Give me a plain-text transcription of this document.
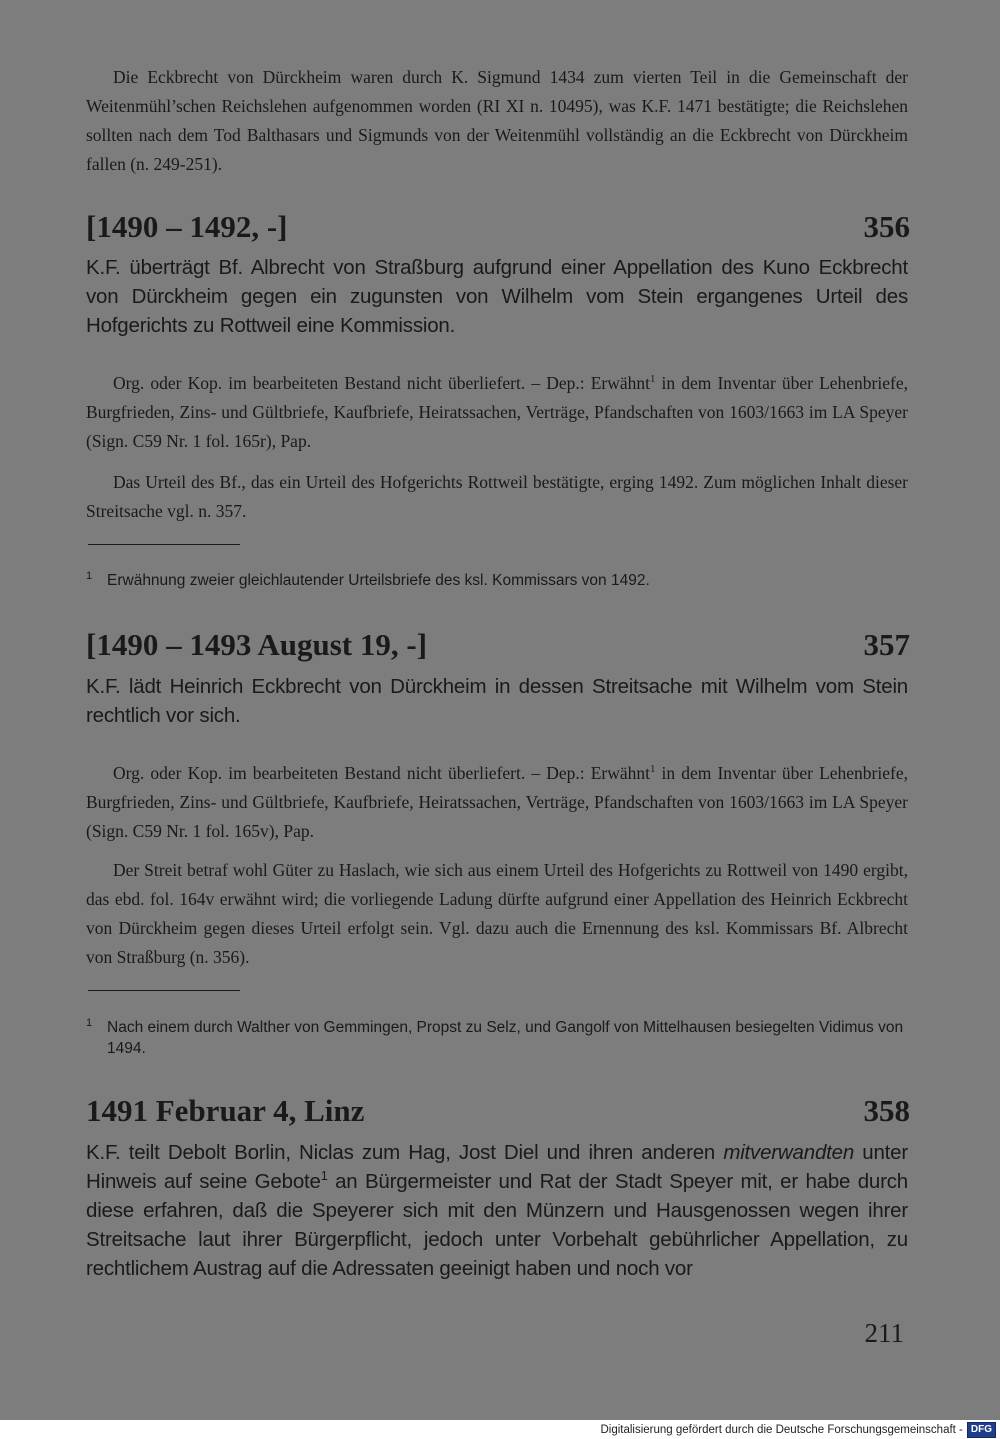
Die Eckbrecht von Dürckheim waren durch K. Sigmund 1434 zum vierten Teil in die Gemeinschaft der Weitenmühl’schen Reichslehen aufgenommen worden (RI XI n. 10495), was K.F. 1471 bestätigte; die Reichslehen sollten nach dem Tod Balthasars und Sigmunds von der Weitenmühl vollständig an die Eckbrecht von Dürckheim fallen (n. 249-251).

[1490 – 1492, -]	356

K.F. überträgt Bf. Albrecht von Straßburg aufgrund einer Appellation des Kuno Eckbrecht von Dürckheim gegen ein zugunsten von Wilhelm vom Stein ergangenes Urteil des Hofgerichts zu Rottweil eine Kommission.

Org. oder Kop. im bearbeiteten Bestand nicht überliefert. – Dep.: Erwähnt$^1$ in dem Inventar über Lehenbriefe, Burgfrieden, Zins- und Gültbriefe, Kaufbriefe, Heiratssachen, Verträge, Pfandschaften von 1603/1663 im LA Speyer (Sign. C59 Nr. 1 fol. 165r), Pap.

Das Urteil des Bf., das ein Urteil des Hofgerichts Rottweil bestätigte, erging 1492. Zum möglichen Inhalt dieser Streitsache vgl. n. 357.

1 Erwähnung zweier gleichlautender Urteilsbriefe des ksl. Kommissars von 1492.
[1490 – 1493 August 19, -]	357

K.F. lädt Heinrich Eckbrecht von Dürckheim in dessen Streitsache mit Wilhelm vom Stein rechtlich vor sich.

Org. oder Kop. im bearbeiteten Bestand nicht überliefert. – Dep.: Erwähnt$^1$ in dem Inventar über Lehenbriefe, Burgfrieden, Zins- und Gültbriefe, Kaufbriefe, Heiratssachen, Verträge, Pfandschaften von 1603/1663 im LA Speyer (Sign. C59 Nr. 1 fol. 165v), Pap.

Der Streit betraf wohl Güter zu Haslach, wie sich aus einem Urteil des Hofgerichts zu Rottweil von 1490 ergibt, das ebd. fol. 164v erwähnt wird; die vorliegende Ladung dürfte aufgrund einer Appellation des Heinrich Eckbrecht von Dürckheim gegen dieses Urteil erfolgt sein. Vgl. dazu auch die Ernennung des ksl. Kommissars Bf. Albrecht von Straßburg (n. 356).

1 Nach einem durch Walther von Gemmingen, Propst zu Selz, und Gangolf von Mittelhausen besiegelten Vidimus von 1494.
1491 Februar 4, Linz	358

K.F. teilt Debolt Borlin, Niclas zum Hag, Jost Diel und ihren anderen mitverwandten unter Hinweis auf seine Gebote$^1$ an Bürgermeister und Rat der Stadt Speyer mit, er habe durch diese erfahren, daß die Speyerer sich mit den Münzern und Hausgenossen wegen ihrer Streitsache laut ihrer Bürgerpflicht, jedoch unter Vorbehalt gebührlicher Appellation, zu rechtlichem Austrag auf die Adressaten geeinigt haben und noch vor

211
Digitalisierung gefördert durch die Deutsche Forschungsgemeinschaft - DFG
